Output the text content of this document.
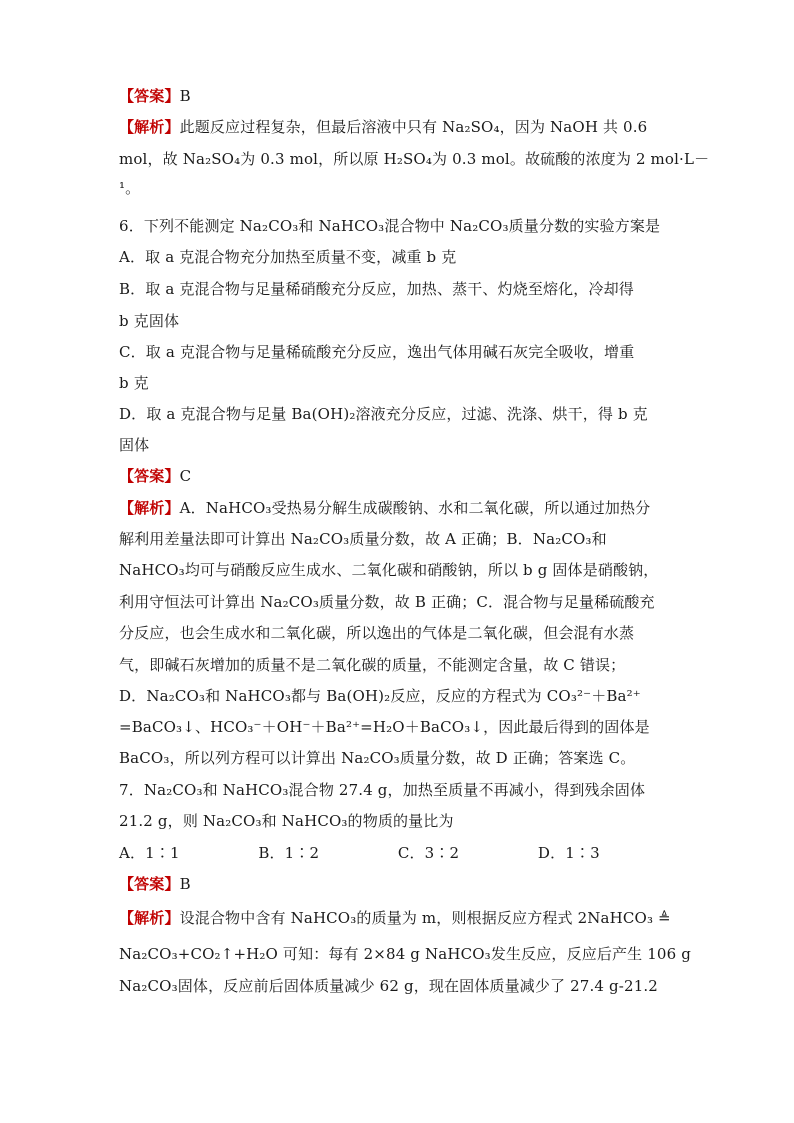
【答案】B
【解析】此题反应过程复杂，但最后溶液中只有 Na₂SO₄，因为 NaOH 共 0.6
mol，故 Na₂SO₄为 0.3 mol，所以原 H₂SO₄为 0.3 mol。故硫酸的浓度为 2 mol·L－
¹。
6．下列不能测定 Na₂CO₃和 NaHCO₃混合物中 Na₂CO₃质量分数的实验方案是
A．取 a 克混合物充分加热至质量不变，减重 b 克
B．取 a 克混合物与足量稀硝酸充分反应，加热、蒸干、灼烧至熔化，冷却得
b 克固体
C．取 a 克混合物与足量稀硫酸充分反应，逸出气体用碱石灰完全吸收，增重
b 克
D．取 a 克混合物与足量 Ba(OH)₂溶液充分反应，过滤、洗涤、烘干，得 b 克
固体
【答案】C
【解析】A．NaHCO₃受热易分解生成碳酸钠、水和二氧化碳，所以通过加热分
解利用差量法即可计算出 Na₂CO₃质量分数，故 A 正确；B．Na₂CO₃和
NaHCO₃均可与硝酸反应生成水、二氧化碳和硝酸钠，所以 b g 固体是硝酸钠，
利用守恒法可计算出 Na₂CO₃质量分数，故 B 正确；C．混合物与足量稀硫酸充
分反应，也会生成水和二氧化碳，所以逸出的气体是二氧化碳，但会混有水蒸
气，即碱石灰增加的质量不是二氧化碳的质量，不能测定含量，故 C 错误；
D．Na₂CO₃和 NaHCO₃都与 Ba(OH)₂反应，反应的方程式为 CO₃²⁻＋Ba²⁺
=BaCO₃↓、HCO₃⁻＋OH⁻＋Ba²⁺=H₂O＋BaCO₃↓，因此最后得到的固体是
BaCO₃，所以列方程可以计算出 Na₂CO₃质量分数，故 D 正确；答案选 C。
7．Na₂CO₃和 NaHCO₃混合物 27.4 g，加热至质量不再减小，得到残余固体
21.2 g，则 Na₂CO₃和 NaHCO₃的物质的量比为
A．1∶1                B．1∶2                C．3∶2                D．1∶3
【答案】B
【解析】设混合物中含有 NaHCO₃的质量为 m，则根据反应方程式 2NaHCO₃ ≜
Na₂CO₃+CO₂↑+H₂O 可知：每有 2×84 g NaHCO₃发生反应，反应后产生 106 g
Na₂CO₃固体，反应前后固体质量减少 62 g，现在固体质量减少了 27.4 g-21.2
